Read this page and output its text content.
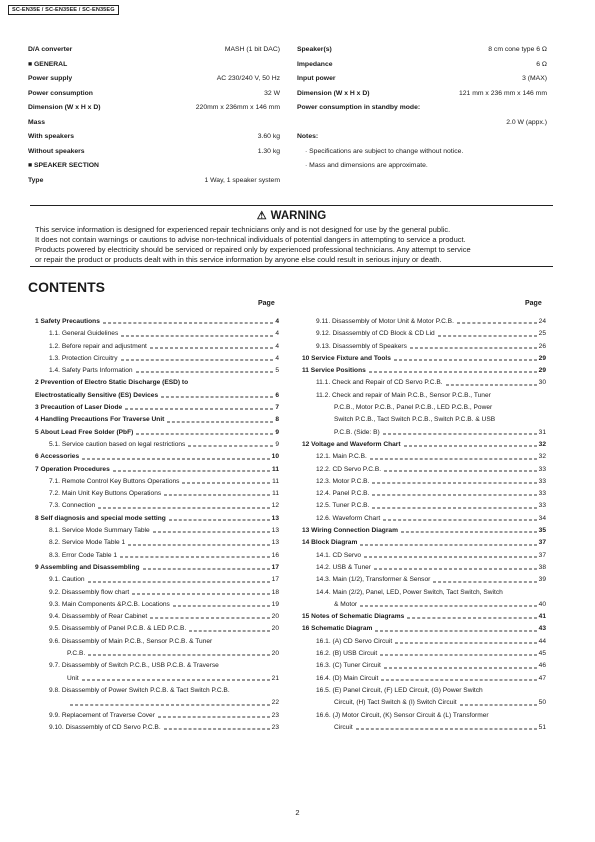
SC-EN35E / SC-EN35EE / SC-EN35EG
D/A converter	MASH (1 bit DAC)
■ GENERAL
Power supply	AC 230/240 V, 50 Hz
Power consumption	32 W
Dimension (W x H x D)	220mm x 236mm x 146 mm
Mass
With speakers	3.60 kg
Without speakers	1.30 kg
■ SPEAKER SECTION
Type	1 Way, 1 speaker system
Speaker(s)	8 cm cone type 6 Ω
Impedance	6 Ω
Input power	3 (MAX)
Dimension (W x H x D)	121 mm x 236 mm x 146 mm
Power consumption in standby mode:
2.0 W (appx.)
Notes:
· Specifications are subject to change without notice.
· Mass and dimensions are approximate.
⚠ WARNING
This service information is designed for experienced repair technicians only and is not designed for use by the general public.
It does not contain warnings or cautions to advise non-technical individuals of potential dangers in attempting to service a product.
Products powered by electricity should be serviced or repaired only by experienced professional technicians. Any attempt to service
or repair the product or products dealt with in this service information by anyone else could result in serious injury or death.
CONTENTS
Page	Page
1 Safety Precautions	4
1.1. General Guidelines	4
1.2. Before repair and adjustment	4
1.3. Protection Circuitry	4
1.4. Safety Parts Information	5
2 Prevention of Electro Static Discharge (ESD) to
Electrostatically Sensitive (ES) Devices	6
3 Precaution of Laser Diode	7
4 Handling Precautions For Traverse Unit	8
5 About Lead Free Solder (PbF)	9
5.1. Service caution based on legal restrictions	9
6 Accessories	10
7 Operation Procedures	11
7.1. Remote Control Key Buttons Operations	11
7.2. Main Unit Key Buttons Operations	11
7.3. Connection	12
8 Self diagnosis and special mode setting	13
8.1. Service Mode Summary Table	13
8.2. Service Mode Table 1	13
8.3. Error Code Table 1	16
9 Assembling and Disassembling	17
9.1. Caution	17
9.2. Disassembly flow chart	18
9.3. Main Components &P.C.B. Locations	19
9.4. Disassembly of Rear Cabinet	20
9.5. Disassembly of Panel P.C.B. & LED P.C.B.	20
9.6. Disassembly of Main P.C.B., Sensor P.C.B. & Tuner
P.C.B.	20
9.7. Disassembly of Switch P.C.B., USB P.C.B. & Traverse
Unit	21
9.8. Disassembly of Power Switch P.C.B. & Tact Switch P.C.B.
22
9.9. Replacement of Traverse Cover	23
9.10. Disassembly of CD Servo P.C.B.	23
9.11. Disassembly of Motor Unit & Motor P.C.B.	24
9.12. Disassembly of CD Block & CD Lid	25
9.13. Disassembly of Speakers	26
10 Service Fixture and Tools	29
11 Service Positions	29
11.1. Check and Repair of CD Servo P.C.B.	30
11.2. Check and repair of Main P.C.B., Sensor P.C.B., Tuner
P.C.B., Motor P.C.B., Panel P.C.B., LED P.C.B., Power
Switch P.C.B., Tact Switch P.C.B., Switch P.C.B. & USB
P.C.B. (Side: B)	31
12 Voltage and Waveform Chart	32
12.1. Main P.C.B.	32
12.2. CD Servo P.C.B.	33
12.3. Motor P.C.B.	33
12.4. Panel P.C.B.	33
12.5. Tuner P.C.B.	33
12.6. Waveform Chart	34
13 Wiring Connection Diagram	35
14 Block Diagram	37
14.1. CD Servo	37
14.2. USB & Tuner	38
14.3. Main (1/2), Transformer & Sensor	39
14.4. Main (2/2), Panel, LED, Power Switch, Tact Switch, Switch
& Motor	40
15 Notes of Schematic Diagrams	41
16 Schematic Diagram	43
16.1. (A) CD Servo Circuit	44
16.2. (B) USB Circuit	45
16.3. (C) Tuner Circuit	46
16.4. (D) Main Circuit	47
16.5. (E) Panel Circuit, (F) LED Circuit, (G) Power Switch
Circuit, (H) Tact Switch & (I) Switch Circuit	50
16.6. (J) Motor Circuit, (K) Sensor Circuit & (L) Transformer
Circuit	51
2
